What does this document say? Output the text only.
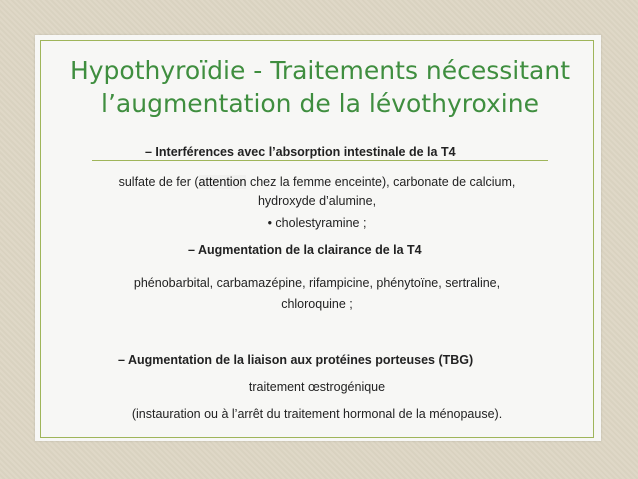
Hypothyroïdie - Traitements nécessitant
l’augmentation de la lévothyroxine
– Interférences avec l’absorption intestinale de la T4
sulfate de fer (attention chez la femme enceinte), carbonate de calcium,
hydroxyde d’alumine,
• cholestyramine ;
– Augmentation de la clairance de la T4
phénobarbital, carbamazépine, rifampicine, phénytoïne, sertraline,
chloroquine ;
– Augmentation de la liaison aux protéines porteuses (TBG)
traitement œstrogénique
(instauration ou à l’arrêt du traitement hormonal de la ménopause).
